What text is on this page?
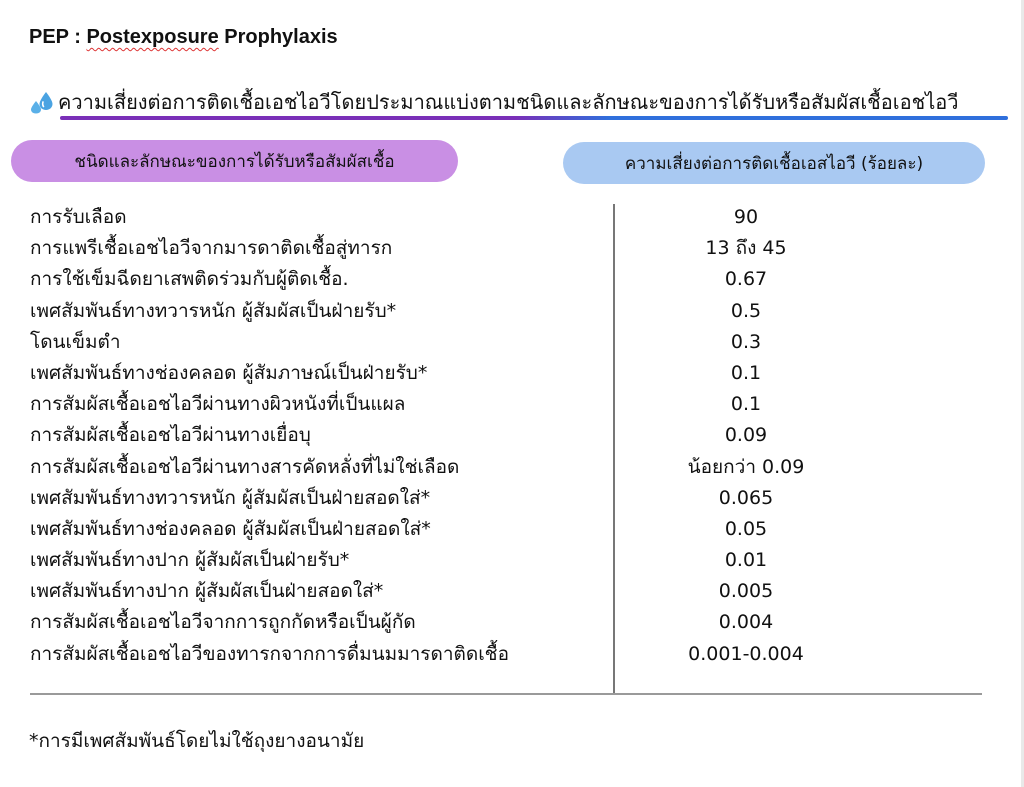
PEP : Postexposure Prophylaxis
ความเสี่ยงต่อการติดเชื้อเอชไอวีโดยประมาณแบ่งตามชนิดและลักษณะของการได้รับหรือสัมผัสเชื้อเอชไอวี
ชนิดและลักษณะของการได้รับหรือสัมผัสเชื้อ	ความเสี่ยงต่อการติดเชื้อเอสไอวี (ร้อยละ)
การรับเลือด	90
การแพรีเชื้อเอชไอวีจากมารดาติดเชื้อสู่ทารก	13 ถึง 45
การใช้เข็มฉีดยาเสพติดร่วมกับผู้ติดเชื้อ.	0.67
เพศสัมพันธ์ทางทวารหนัก ผู้สัมผัสเป็นฝ่ายรับ*	0.5
โดนเข็มตำ	0.3
เพศสัมพันธ์ทางช่องคลอด ผู้สัมภาษณ์เป็นฝ่ายรับ*	0.1
การสัมผัสเชื้อเอชไอวีผ่านทางผิวหนังที่เป็นแผล	0.1
การสัมผัสเชื้อเอชไอวีผ่านทางเยื่อบุ	0.09
การสัมผัสเชื้อเอชไอวีผ่านทางสารคัดหลั่งที่ไม่ใช่เลือด	น้อยกว่า 0.09
เพศสัมพันธ์ทางทวารหนัก ผู้สัมผัสเป็นฝ่ายสอดใส่*	0.065
เพศสัมพันธ์ทางช่องคลอด ผู้สัมผัสเป็นฝ่ายสอดใส่*	0.05
เพศสัมพันธ์ทางปาก ผู้สัมผัสเป็นฝ่ายรับ*	0.01
เพศสัมพันธ์ทางปาก ผู้สัมผัสเป็นฝ่ายสอดใส่*	0.005
การสัมผัสเชื้อเอชไอวีจากการถูกกัดหรือเป็นผู้กัด	0.004
การสัมผัสเชื้อเอชไอวีของทารกจากการดื่มนมมารดาติดเชื้อ	0.001-0.004
*การมีเพศสัมพันธ์โดยไม่ใช้ถุงยางอนามัย
